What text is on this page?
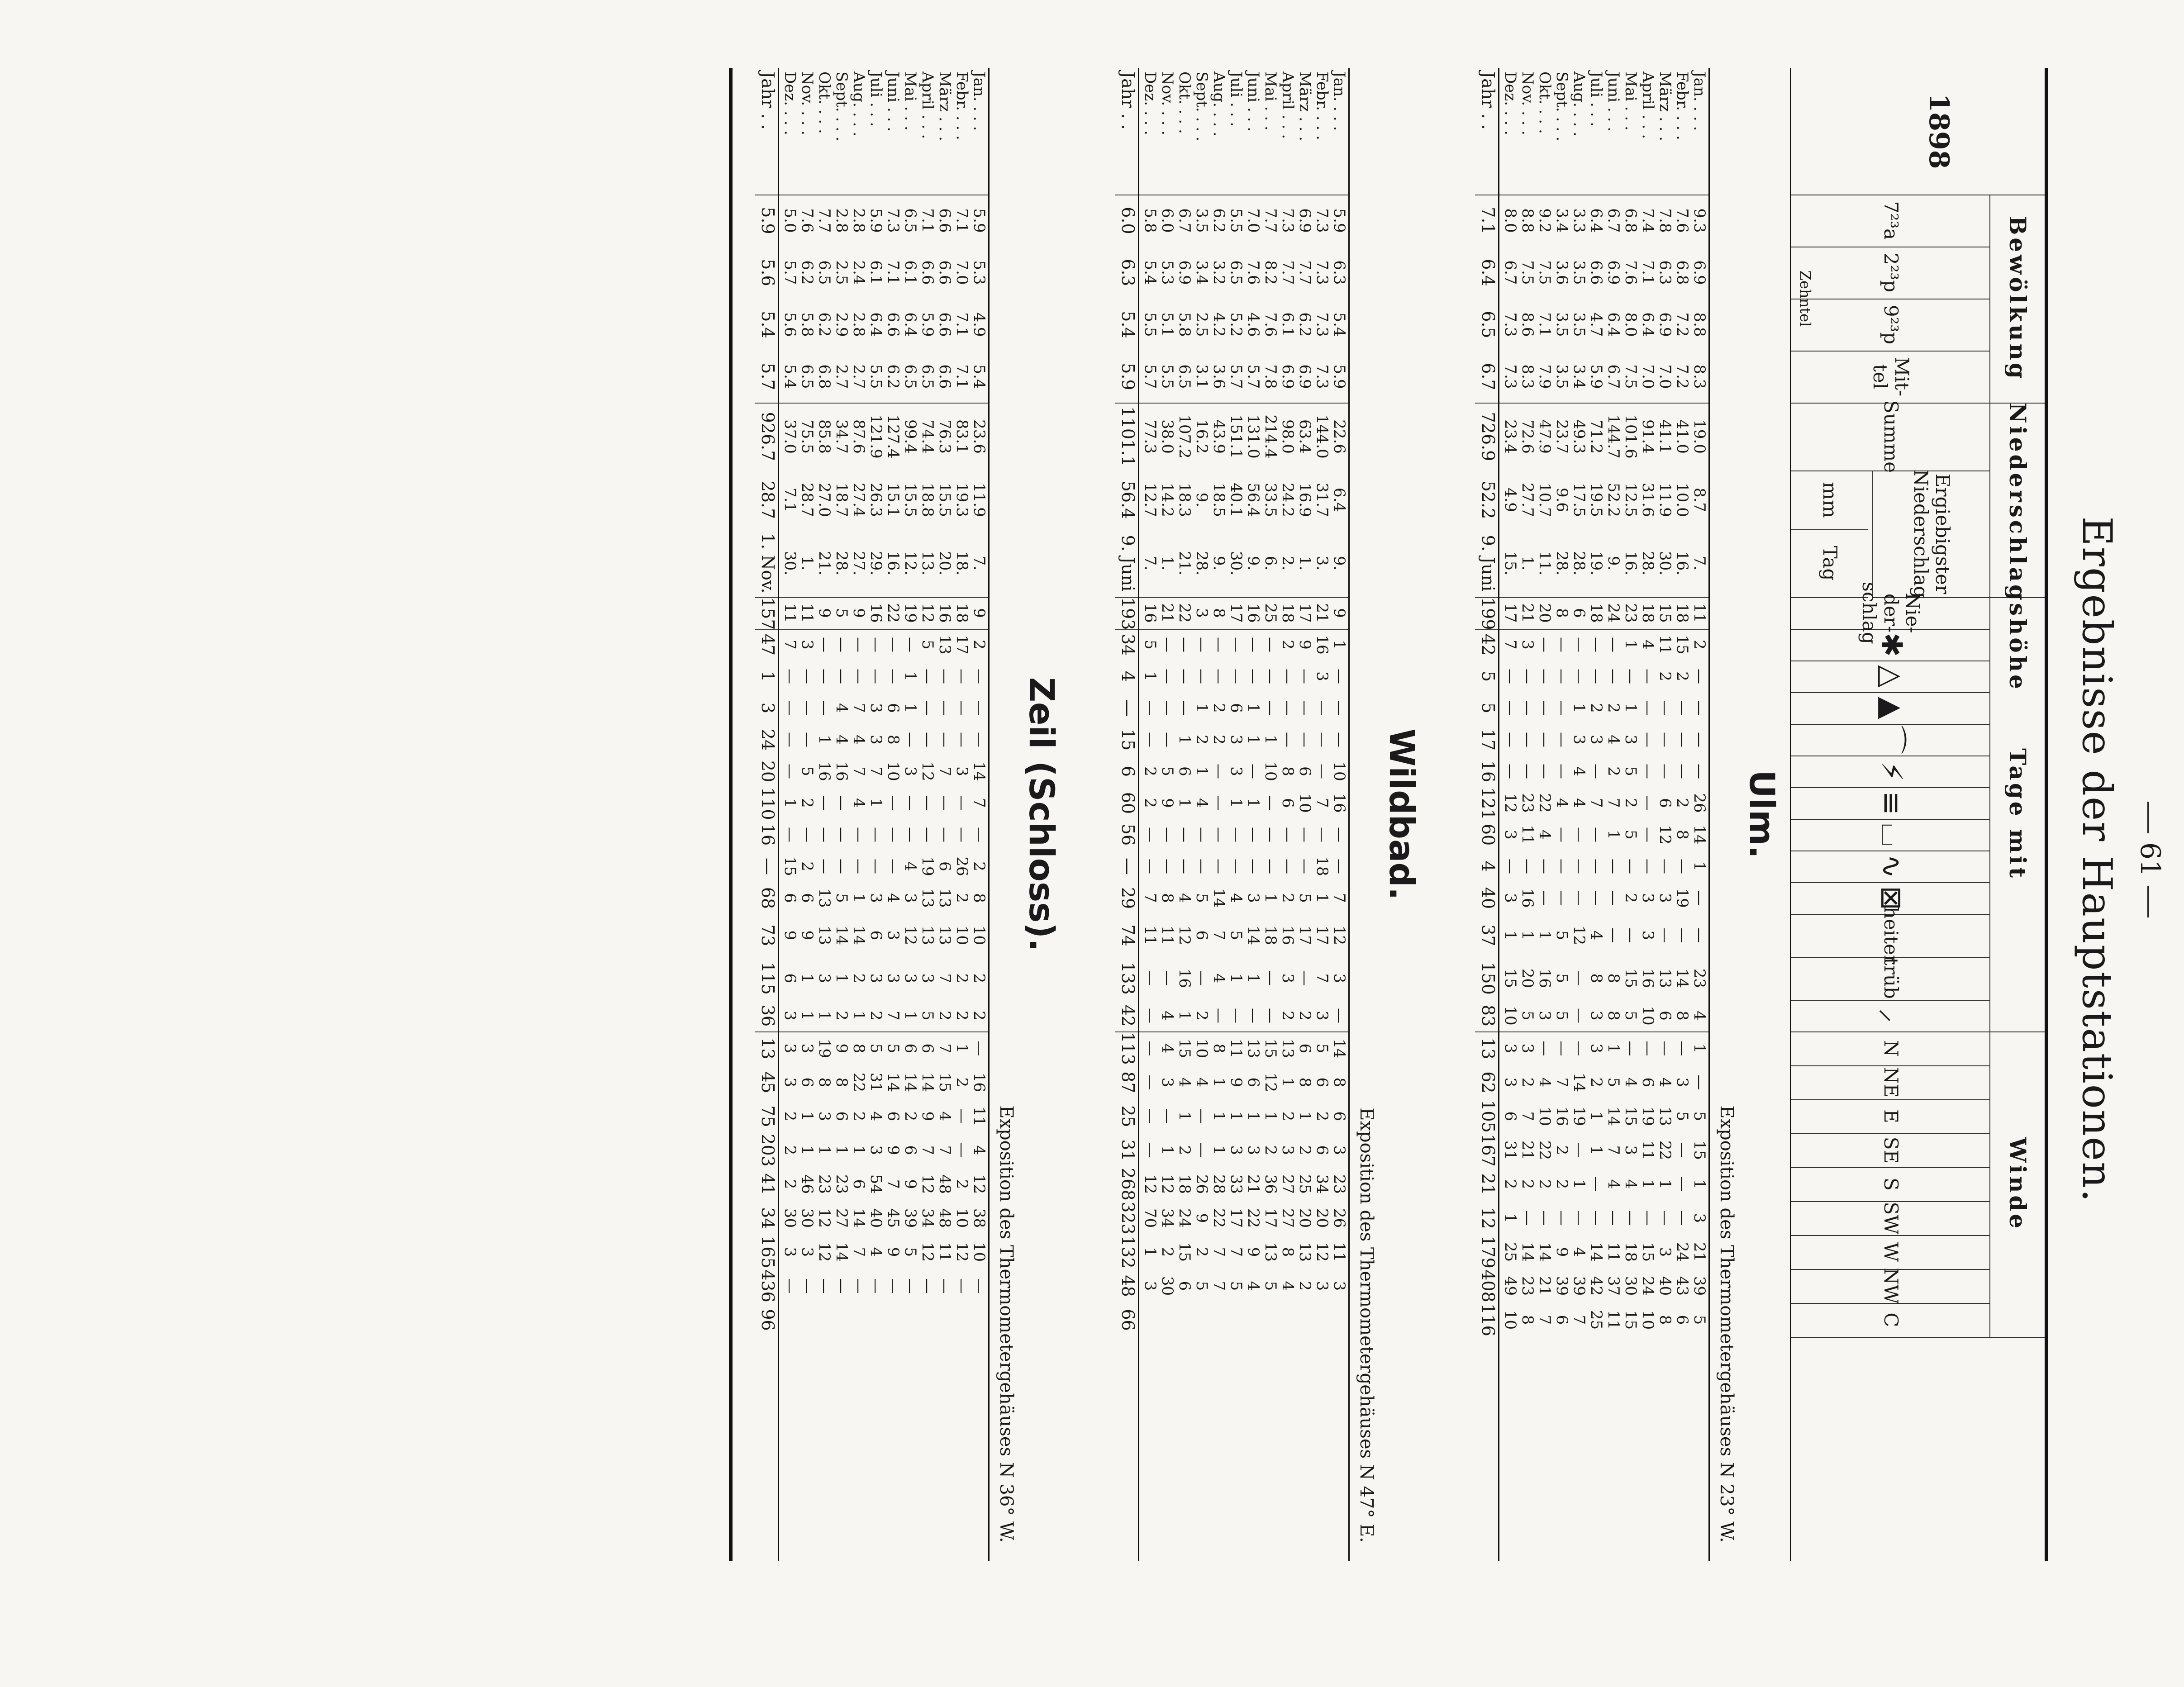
61
Ergebnisse der Hauptstationen.
1898
Bewölkung
Niederschlagshöhe
Tage mit
Winde
7²³a
2²³p
9²³p
Mit-tel
Summe
Ergiebigster Niederschlag
mm
Tag
Nie-der-schlag
✱
△
▲
⌒
⚡
≡
⌴
∿
⊠
heiter
trüb
⸝
N
NE
E
SE
S
SW
W
NW
C
Zehntel
Ulm.
Exposition des Thermometergehäuses N 23° W.
Jan. . . .
9.3
6.9
8.8
8.3
19.0
8.7
7.
11
2
—
—
—
—
26
14
1
—
—
23
4
1
—
5
15
1
3
21
39
5
Febr. . . .
7.6
6.8
7.2
7.2
41.0
10.0
16.
18
15
2
—
—
—
2
8
—
19
—
14
8
—
3
5
—
—
—
24
43
6
März . . .
7.8
6.3
6.9
7.0
41.1
11.9
30.
15
11
2
—
—
—
6
12
—
3
—
13
6
—
4
13
22
1
—
3
40
8
April . . .
7.4
7.1
6.4
7.0
91.4
31.6
28.
18
4
—
—
—
—
—
—
—
3
3
16
10
—
6
19
11
1
—
15
24
10
Mai . . .
6.8
7.6
8.0
7.5
101.6
12.5
16.
23
1
—
1
3
5
2
5
—
2
—
15
5
—
4
15
3
4
—
18
30
15
Juni . . .
6.7
6.9
6.4
6.7
144.7
52.2
9.
24
—
—
2
4
2
7
1
—
—
—
8
8
1
5
14
7
4
—
11
37
11
Juli . . .
6.4
6.6
4.7
5.9
71.2
19.5
19.
18
—
—
2
3
—
7
—
—
—
4
8
3
3
2
1
1
—
—
14
42
25
Aug. . . .
3.3
3.5
3.5
3.4
49.3
17.5
28.
6
—
—
1
3
4
4
—
—
—
12
—
—
—
14
19
—
1
—
4
39
7
Sept. . . .
3.4
3.6
3.5
3.5
23.7
9.6
28.
8
—
—
—
—
—
4
—
—
—
5
5
5
—
7
16
2
2
—
9
39
6
Okt. . . .
9.2
7.5
7.1
7.9
47.9
10.7
11.
20
—
—
—
—
—
22
4
—
—
1
16
3
—
4
10
22
2
—
14
21
7
Nov. . . .
8.8
7.5
8.6
8.3
72.6
27.7
1.
21
3
—
—
—
—
23
11
—
16
1
20
5
3
2
7
21
2
—
14
23
8
Dez. . . .
8.0
6.7
7.3
7.3
23.4
4.9
15.
17
7
—
—
—
—
12
3
—
3
1
15
10
3
3
6
31
2
1
25
49
10
Jahr . .
7.1
6.4
6.5
6.7
726.9
52.2
9. Juni
199
42
5
5
17
16
121
60
4
40
37
150
83
13
62
105
167
21
12
179
408
116
Wildbad.
Exposition des Thermometergehäuses N 47° E.
Jan. . . .
5.9
6.3
5.4
5.9
22.6
6.4
9.
9
1
—
—
—
10
16
—
—
7
12
3
—
14
8
6
3
23
26
11
3
Febr. . . .
7.3
7.3
7.3
7.3
144.0
31.7
3.
21
16
3
—
—
—
7
—
18
1
17
7
3
5
6
2
6
34
20
12
3
März . . .
6.9
7.7
6.2
6.9
63.4
16.9
1.
17
9
—
—
—
6
10
—
—
5
17
—
2
6
8
1
2
25
20
13
2
April . . .
7.3
7.7
6.1
6.9
98.0
24.2
2.
18
2
—
—
—
8
6
—
—
2
16
3
2
13
1
2
3
27
27
8
4
Mai . . .
7.7
8.2
7.6
7.8
214.4
33.5
6.
25
—
—
—
1
10
—
—
—
1
18
—
—
15
12
1
2
36
17
13
5
Juni . . .
7.0
7.6
4.6
5.7
131.0
56.4
9.
16
—
—
1
1
—
1
—
—
3
14
1
—
13
6
1
3
21
22
9
4
Juli . . .
5.5
6.5
5.2
5.7
151.1
40.1
30.
17
—
—
6
3
3
1
—
—
4
5
1
—
11
9
1
3
33
17
7
5
Aug. . . .
6.2
3.2
4.2
3.6
43.9
18.5
9.
8
—
—
2
2
—
—
—
—
14
7
4
—
8
1
1
1
28
22
7
7
Sept. . . .
3.5
3.4
2.5
3.1
16.2
9.
28.
3
—
—
1
2
1
4
—
—
5
6
—
2
10
4
—
—
26
9
2
5
Okt. . . .
6.7
6.9
5.8
6.5
107.2
18.3
21.
22
—
—
—
1
6
1
—
—
4
12
16
1
15
4
1
2
18
24
15
6
Nov. . . .
6.0
5.3
5.1
5.5
38.0
14.2
1.
21
—
—
—
—
5
9
—
—
8
11
—
4
4
3
—
1
12
34
2
30
Dez. . . .
5.8
5.4
5.5
5.7
77.3
12.7
7.
16
5
1
—
—
2
2
—
—
7
11
—
—
—
—
—
—
12
70
1
3
Jahr . .
6.0
6.3
5.4
5.9
1101.1
56.4
9. Juni
193
34
4
—
15
6
60
56
—
29
74
133
42
113
87
25
31
268
323
132
48
66
Zeil (Schloss).
Exposition des Thermometergehäuses N 36° W.
Jan. . . .
5.9
5.3
4.9
5.4
23.6
11.9
7.
9
2
—
—
—
14
7
—
2
8
10
2
2
—
16
11
4
12
38
10
—
Febr. . . .
7.1
7.0
7.1
7.1
83.1
19.3
18.
18
17
—
—
—
3
—
—
26
2
10
2
2
1
2
—
—
2
10
12
—
März . . .
6.6
6.6
6.6
6.6
76.3
15.5
20.
16
13
—
—
—
7
—
—
6
13
13
7
2
7
15
4
7
48
48
11
—
April . . .
7.1
6.6
5.9
6.5
74.4
18.8
13.
12
5
—
—
—
12
—
—
19
13
13
3
5
6
14
9
7
12
34
12
—
Mai . . .
6.5
6.1
6.4
6.5
99.4
15.5
12.
19
—
1
1
—
3
—
—
4
3
12
3
1
6
14
2
6
9
39
5
—
Juni . . .
7.3
7.1
6.6
6.2
127.4
15.1
16.
22
—
—
6
8
10
—
—
—
4
3
3
7
5
14
6
9
7
45
9
—
Juli . . .
5.9
6.1
6.4
5.5
121.9
26.3
29.
16
—
—
3
3
7
1
—
—
3
6
3
2
5
31
4
3
54
40
4
—
Aug. . . .
2.8
2.4
2.8
2.7
87.6
27.4
27.
9
—
—
7
4
7
4
—
—
1
14
2
1
8
22
2
1
6
14
7
—
Sept. . . .
2.8
2.5
2.9
2.7
34.7
18.7
28.
5
—
—
4
4
16
—
—
—
5
14
1
2
9
8
6
1
23
27
14
—
Okt. . . .
7.7
6.5
6.2
6.8
85.8
27.0
21.
9
—
—
—
1
16
—
—
—
13
13
3
1
19
8
3
1
23
12
12
—
Nov. . . .
7.6
6.2
5.8
6.5
75.5
28.7
1.
11
3
—
—
—
5
2
—
2
6
9
1
1
3
6
1
1
46
30
3
—
Dez. . . .
5.0
5.7
5.6
5.4
37.0
7.1
30.
11
7
—
—
—
—
1
—
15
6
9
6
3
3
3
2
2
2
30
3
—
Jahr . .
5.9
5.6
5.4
5.7
926.7
28.7
1. Nov.
157
47
1
3
24
20
110
16
—
68
73
115
36
13
45
75
203
41
34
165
436
96
